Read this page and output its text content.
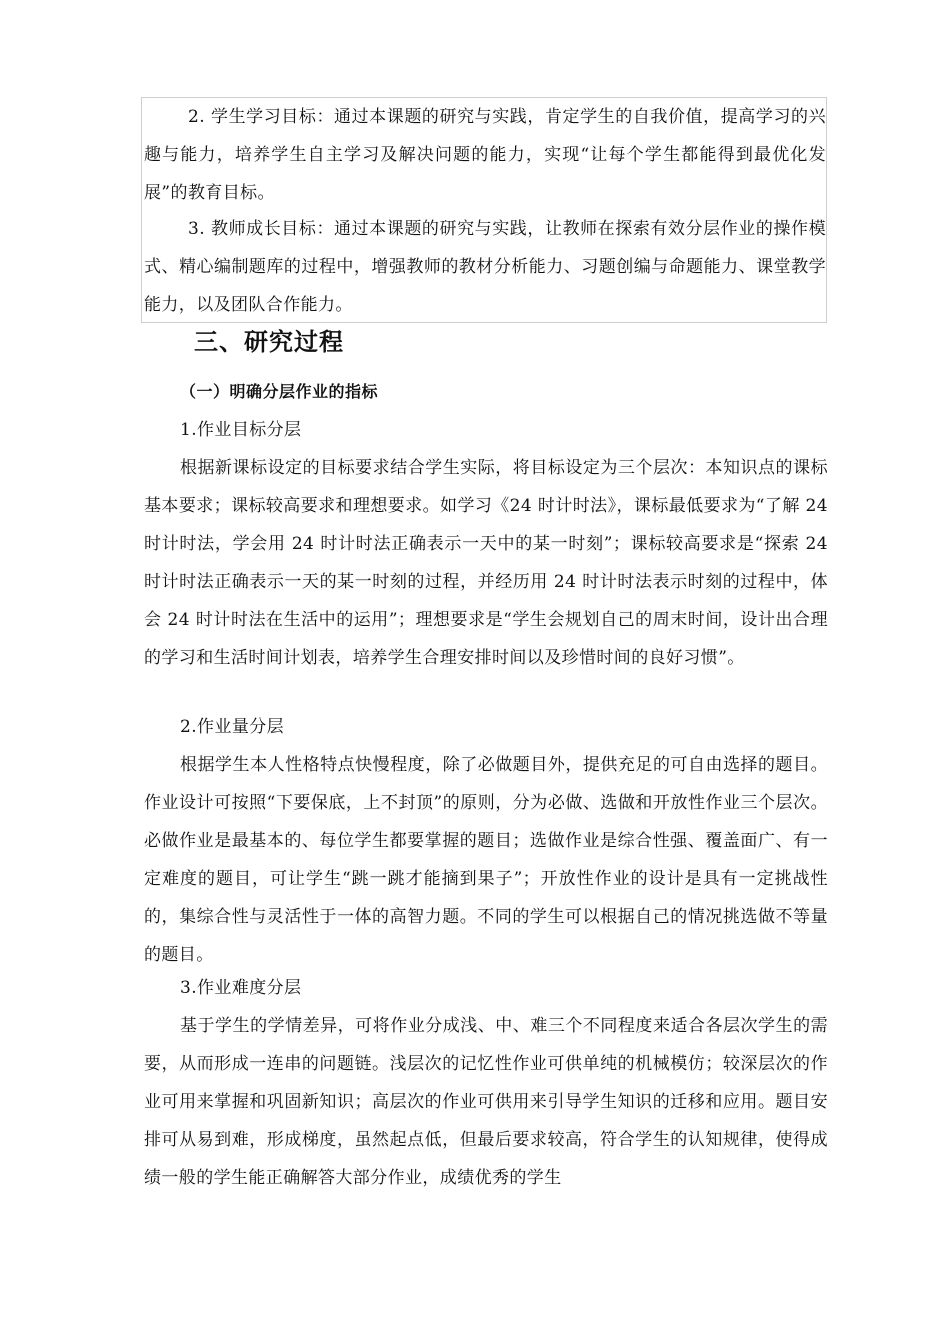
2. 学生学习目标：通过本课题的研究与实践，肯定学生的自我价值，提高学习的兴趣与能力，培养学生自主学习及解决问题的能力，实现“让每个学生都能得到最优化发展”的教育目标。

3. 教师成长目标：通过本课题的研究与实践，让教师在探索有效分层作业的操作模式、精心编制题库的过程中，增强教师的教材分析能力、习题创编与命题能力、课堂教学能力，以及团队合作能力。

三、研究过程
（一）明确分层作业的指标

1.作业目标分层

根据新课标设定的目标要求结合学生实际，将目标设定为三个层次：本知识点的课标基本要求；课标较高要求和理想要求。如学习《24 时计时法》，课标最低要求为“了解 24 时计时法，学会用 24 时计时法正确表示一天中的某一时刻”；课标较高要求是“探索 24 时计时法正确表示一天的某一时刻的过程，并经历用 24 时计时法表示时刻的过程中，体会 24 时计时法在生活中的运用”；理想要求是“学生会规划自己的周末时间，设计出合理的学习和生活时间计划表，培养学生合理安排时间以及珍惜时间的良好习惯”。

2.作业量分层

根据学生本人性格特点快慢程度，除了必做题目外，提供充足的可自由选择的题目。作业设计可按照“下要保底，上不封顶”的原则，分为必做、选做和开放性作业三个层次。必做作业是最基本的、每位学生都要掌握的题目；选做作业是综合性强、覆盖面广、有一定难度的题目，可让学生“跳一跳才能摘到果子”；开放性作业的设计是具有一定挑战性的，集综合性与灵活性于一体的高智力题。不同的学生可以根据自己的情况挑选做不等量的题目。

3.作业难度分层

基于学生的学情差异，可将作业分成浅、中、难三个不同程度来适合各层次学生的需要，从而形成一连串的问题链。浅层次的记忆性作业可供单纯的机械模仿；较深层次的作业可用来掌握和巩固新知识；高层次的作业可供用来引导学生知识的迁移和应用。题目安排可从易到难，形成梯度，虽然起点低，但最后要求较高，符合学生的认知规律，使得成绩一般的学生能正确解答大部分作业，成绩优秀的学生
